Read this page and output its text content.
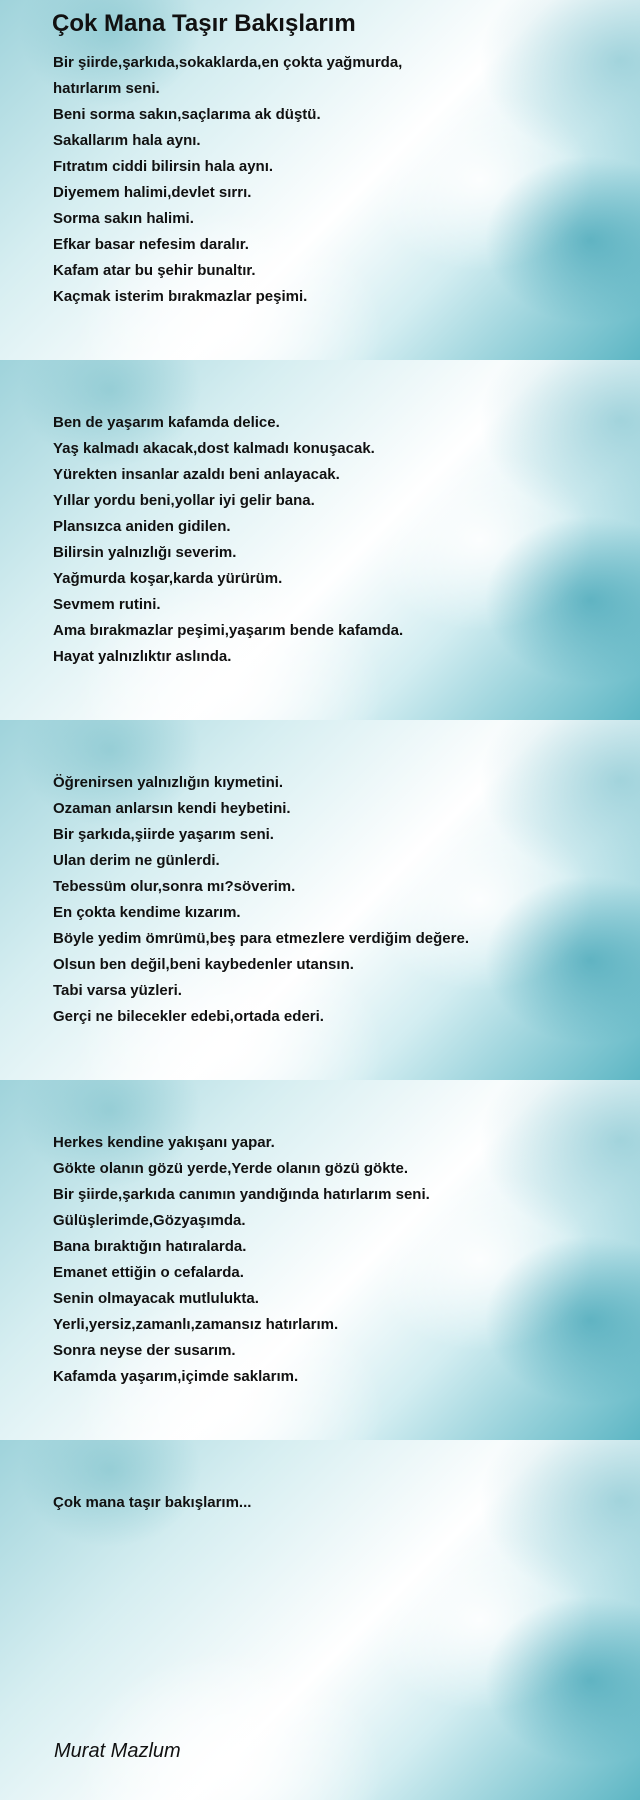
Çok Mana Taşır Bakışlarım
Bir şiirde,şarkıda,sokaklarda,en çokta yağmurda,
hatırlarım seni.
Beni sorma sakın,saçlarıma ak düştü.
Sakallarım hala aynı.
Fıtratım ciddi bilirsin hala aynı.
Diyemem halimi,devlet sırrı.
Sorma sakın halimi.
Efkar basar nefesim daralır.
Kafam atar bu şehir bunaltır.
Kaçmak isterim bırakmazlar peşimi.
Ben de yaşarım kafamda delice.
Yaş kalmadı akacak,dost kalmadı konuşacak.
Yürekten insanlar azaldı beni anlayacak.
Yıllar yordu beni,yollar iyi gelir bana.
Plansızca aniden gidilen.
Bilirsin yalnızlığı severim.
Yağmurda koşar,karda yürürüm.
Sevmem rutini.
Ama bırakmazlar peşimi,yaşarım bende kafamda.
Hayat yalnızlıktır aslında.
Öğrenirsen yalnızlığın kıymetini.
Ozaman anlarsın kendi heybetini.
Bir şarkıda,şiirde yaşarım seni.
Ulan derim ne günlerdi.
Tebessüm olur,sonra mı?söverim.
En çokta kendime kızarım.
Böyle yedim ömrümü,beş para etmezlere verdiğim değere.
Olsun ben değil,beni kaybedenler utansın.
Tabi varsa yüzleri.
Gerçi ne bilecekler edebi,ortada ederi.
Herkes kendine yakışanı yapar.
Gökte olanın gözü yerde,Yerde olanın gözü gökte.
Bir şiirde,şarkıda canımın yandığında hatırlarım seni.
Gülüşlerimde,Gözyaşımda.
Bana bıraktığın hatıralarda.
Emanet ettiğin o cefalarda.
Senin olmayacak mutlulukta.
Yerli,yersiz,zamanlı,zamansız hatırlarım.
Sonra neyse der susarım.
Kafamda yaşarım,içimde saklarım.
Çok mana taşır bakışlarım...

Murat Mazlum
